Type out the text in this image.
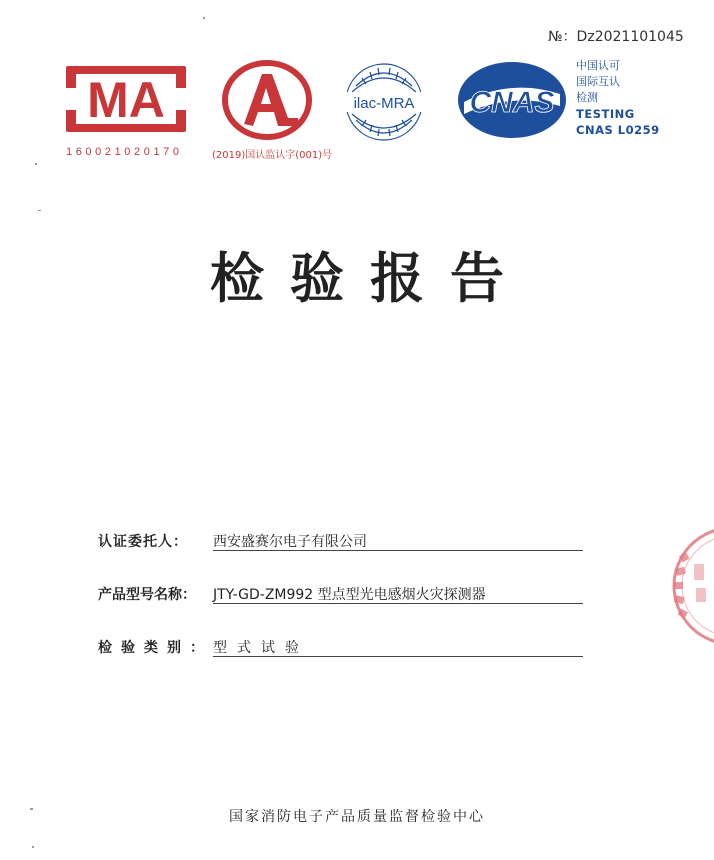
№：Dz2021101045
MA
160021020170
AL
(2019)国认监认字(001)号
ilac-MRA CNAS
中国认可
国际互认
检测
TESTING
CNAS L0259
检验报告
认证委托人： 西安盛赛尔电子有限公司
产品型号名称： JTY-GD-ZM992 型点型光电感烟火灾探测器
检验类别： 型式试验
国家消防电子产品质量监督检验中心
